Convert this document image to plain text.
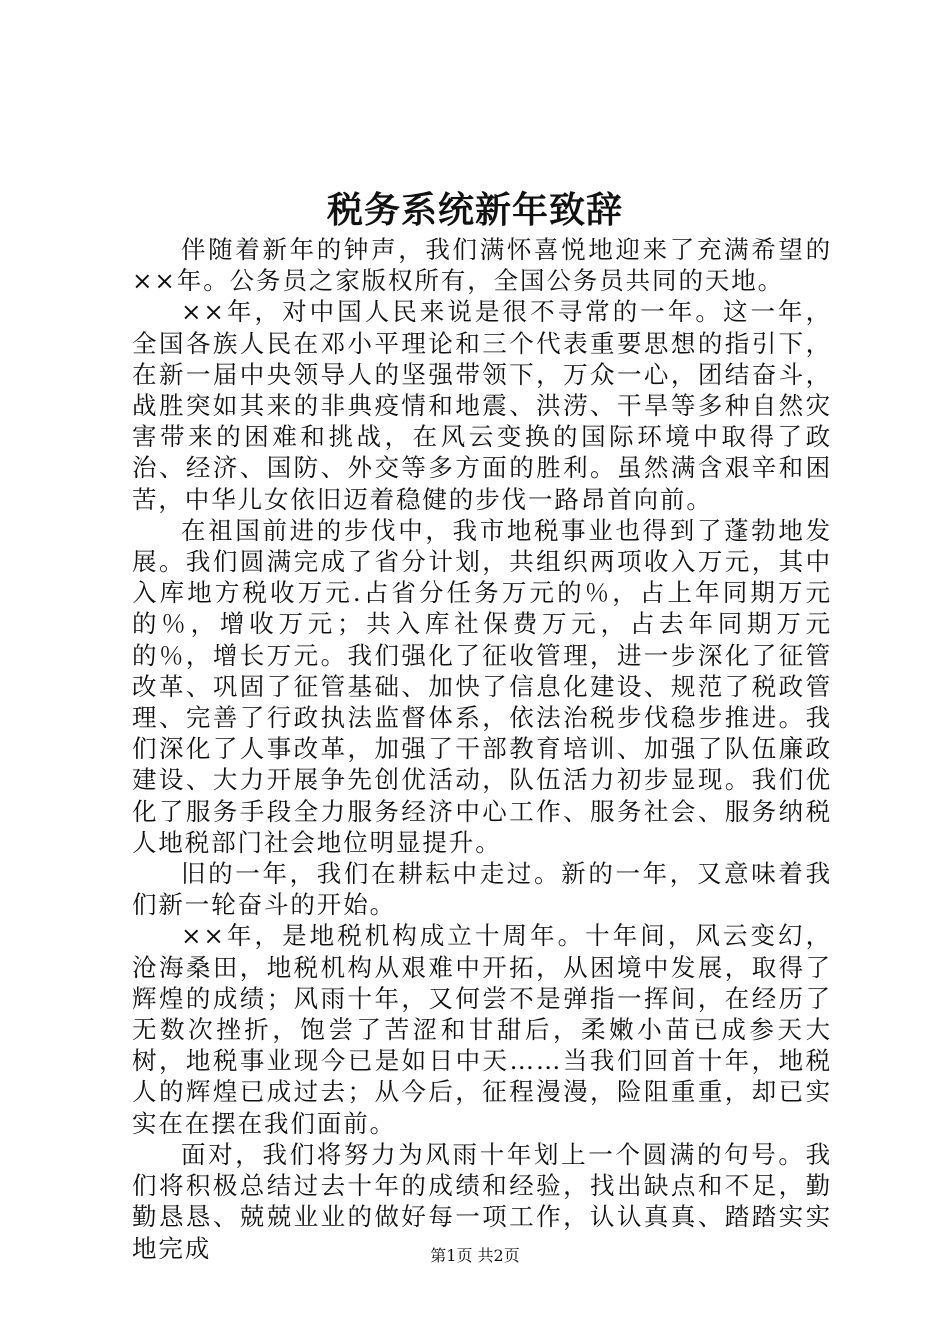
税务系统新年致辞

伴随着新年的钟声，我们满怀喜悦地迎来了充满希望的××年。公务员之家版权所有，全国公务员共同的天地。

××年，对中国人民来说是很不寻常的一年。这一年，全国各族人民在邓小平理论和三个代表重要思想的指引下，在新一届中央领导人的坚强带领下，万众一心，团结奋斗，战胜突如其来的非典疫情和地震、洪涝、干旱等多种自然灾害带来的困难和挑战，在风云变换的国际环境中取得了政治、经济、国防、外交等多方面的胜利。虽然满含艰辛和困苦，中华儿女依旧迈着稳健的步伐一路昂首向前。

在祖国前进的步伐中，我市地税事业也得到了蓬勃地发展。我们圆满完成了省分计划，共组织两项收入万元，其中入库地方税收万元.占省分任务万元的％，占上年同期万元的％，增收万元；共入库社保费万元，占去年同期万元的％，增长万元。我们强化了征收管理，进一步深化了征管改革、巩固了征管基础、加快了信息化建设、规范了税政管理、完善了行政执法监督体系，依法治税步伐稳步推进。我们深化了人事改革，加强了干部教育培训、加强了队伍廉政建设、大力开展争先创优活动，队伍活力初步显现。我们优化了服务手段全力服务经济中心工作、服务社会、服务纳税人地税部门社会地位明显提升。

旧的一年，我们在耕耘中走过。新的一年，又意味着我们新一轮奋斗的开始。

××年，是地税机构成立十周年。十年间，风云变幻，沧海桑田，地税机构从艰难中开拓，从困境中发展，取得了辉煌的成绩；风雨十年，又何尝不是弹指一挥间，在经历了无数次挫折，饱尝了苦涩和甘甜后，柔嫩小苗已成参天大树，地税事业现今已是如日中天……当我们回首十年，地税人的辉煌已成过去；从今后，征程漫漫，险阻重重，却已实实在在摆在我们面前。

面对，我们将努力为风雨十年划上一个圆满的句号。我们将积极总结过去十年的成绩和经验，找出缺点和不足，勤勤恳恳、兢兢业业的做好每一项工作，认认真真、踏踏实实地完成	第1页 共2页
